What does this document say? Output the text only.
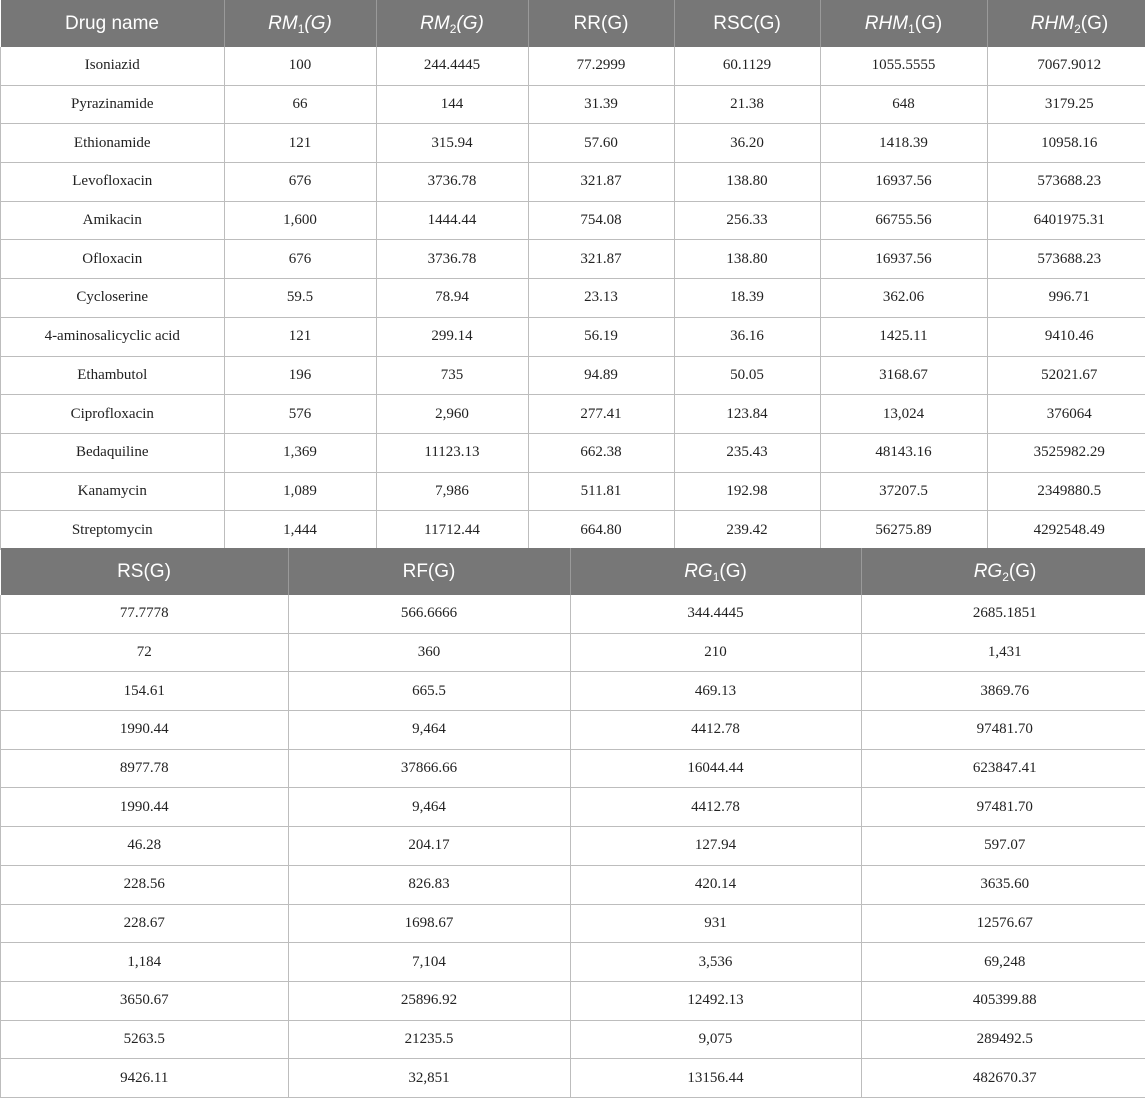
Drug name	$RM_1(G)$	$RM_2(G)$	RR(G)	RSC(G)	$RHM_1(G)$	$RHM_2(G)$
Isoniazid	100	244.4445	77.2999	60.1129	1055.5555	7067.9012
Pyrazinamide	66	144	31.39	21.38	648	3179.25
Ethionamide	121	315.94	57.60	36.20	1418.39	10958.16
Levofloxacin	676	3736.78	321.87	138.80	16937.56	573688.23
Amikacin	1,600	1444.44	754.08	256.33	66755.56	6401975.31
Ofloxacin	676	3736.78	321.87	138.80	16937.56	573688.23
Cycloserine	59.5	78.94	23.13	18.39	362.06	996.71
4-aminosalicyclic acid	121	299.14	56.19	36.16	1425.11	9410.46
Ethambutol	196	735	94.89	50.05	3168.67	52021.67
Ciprofloxacin	576	2,960	277.41	123.84	13,024	376064
Bedaquiline	1,369	11123.13	662.38	235.43	48143.16	3525982.29
Kanamycin	1,089	7,986	511.81	192.98	37207.5	2349880.5
Streptomycin	1,444	11712.44	664.80	239.42	56275.89	4292548.49
RS(G)	RF(G)	$RG_1(G)$	$RG_2(G)$
77.7778	566.6666	344.4445	2685.1851
72	360	210	1,431
154.61	665.5	469.13	3869.76
1990.44	9,464	4412.78	97481.70
8977.78	37866.66	16044.44	623847.41
1990.44	9,464	4412.78	97481.70
46.28	204.17	127.94	597.07
228.56	826.83	420.14	3635.60
228.67	1698.67	931	12576.67
1,184	7,104	3,536	69,248
3650.67	25896.92	12492.13	405399.88
5263.5	21235.5	9,075	289492.5
9426.11	32,851	13156.44	482670.37
